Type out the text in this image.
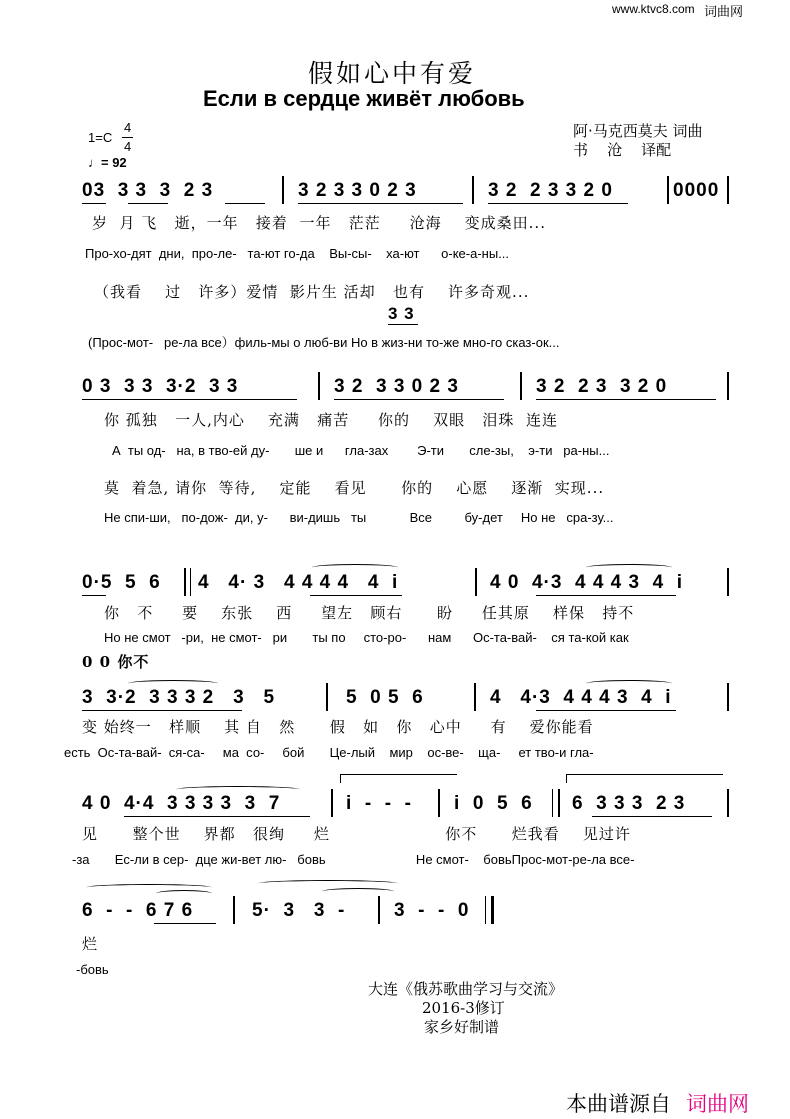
www.ktvc8.com 词曲网
假如心中有爱
Если в сердце живёт любовь
1=C
4
4
♩= 92
阿·马克西莫夫 词曲
书    沧    译配
03  3 3  3  2 3	3 2 3 3 0 2 3	3 2  2 3 3 2 0	0000
岁  月 飞   逝，一年   接着  一年   茫茫     沧海    变成桑田...
Про-хо-дят  дни,  про-ле-   та-ют го-да    Вы-сы-    ха-ют      о-ке-а-ны...
（我看    过   许多）爱情  影片生 活却   也有    许多奇观...
3 3
(Прос-мот-   ре-ла все）филь-мы о люб-ви Но в жиз-ни то-же мно-го сказ-ок...
0 3  3 3  3·2  3 3	3 2  3 3 0 2 3	3 2  2 3  3 2 0
你 孤独   一人,内心    充满   痛苦     你的    双眼   泪珠  连连
А  ты од-   на, в тво-ей ду-       ше и      гла-зах        Э-ти       сле-зы,    э-ти   ра-ны...
莫  着急, 请你  等待,    定能    看见      你的    心愿    逐渐  实现...
Не спи-ши,   по-дож-  ди, у-      ви-дишь   ты            Все         бу-дет     Но не   сра-зу...
0·5  5  6 4   4· 3   4 4 4 4   4  i	4 0  4·3  4 4 4 3  4  i
你   不     要    东张    西     望左   顾右      盼     任其原    样保   持不
Но не смот   -ри,  не смот-   ри       ты по     сто-ро-      нам      Ос-та-вай-    ся та-кой как
0 0 你不
3  3·2  3 3 3 2   3   5	5  0 5  6	4   4·3  4 4 4 3  4  i
变 始终一   样顺    其 自   然      假   如   你   心中     有    爱你能看
есть  Ос-та-вай-  ся-са-     ма  со-     бой       Це-лый    мир    ос-ве-    ща-     ет тво-и гла-
4 0  4·4  3 3 3 3  3  7	i  -  -  - i  0  5  6 6  3 3 3  2 3
见      整个世    界都   很绚     烂                    你不      烂我看    见过许
-за       Ес-ли в сер-  дце жи-вет лю-   бовь                         Не смот-    бовьПрос-мот-ре-ла все-
6  -  -  6 7 6	5·  3   3  -	3  -  -  0
烂
-бовь
大连《俄苏歌曲学习与交流》
2016-3修订
家乡好制谱
本曲谱源自 词曲网
